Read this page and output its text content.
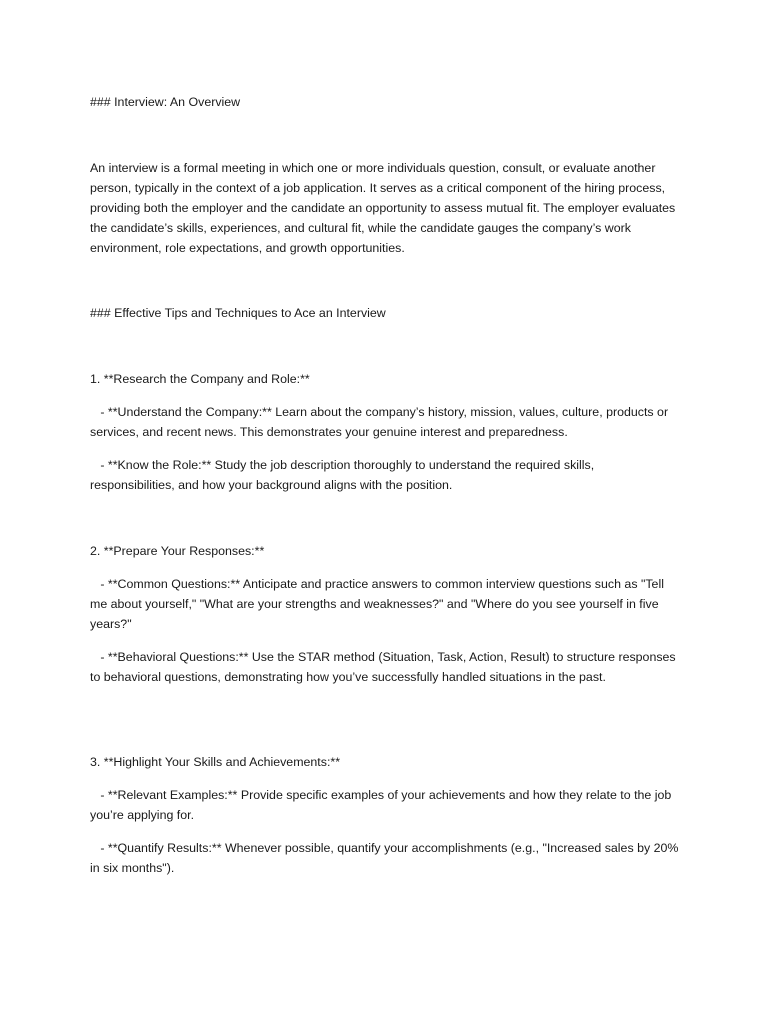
### Interview: An Overview
An interview is a formal meeting in which one or more individuals question, consult, or evaluate another person, typically in the context of a job application. It serves as a critical component of the hiring process, providing both the employer and the candidate an opportunity to assess mutual fit. The employer evaluates the candidate’s skills, experiences, and cultural fit, while the candidate gauges the company’s work environment, role expectations, and growth opportunities.
### Effective Tips and Techniques to Ace an Interview
1. **Research the Company and Role:**
- **Understand the Company:** Learn about the company’s history, mission, values, culture, products or services, and recent news. This demonstrates your genuine interest and preparedness.
- **Know the Role:** Study the job description thoroughly to understand the required skills, responsibilities, and how your background aligns with the position.
2. **Prepare Your Responses:**
- **Common Questions:** Anticipate and practice answers to common interview questions such as "Tell me about yourself," "What are your strengths and weaknesses?" and "Where do you see yourself in five years?"
- **Behavioral Questions:** Use the STAR method (Situation, Task, Action, Result) to structure responses to behavioral questions, demonstrating how you’ve successfully handled situations in the past.
3. **Highlight Your Skills and Achievements:**
- **Relevant Examples:** Provide specific examples of your achievements and how they relate to the job you’re applying for.
- **Quantify Results:** Whenever possible, quantify your accomplishments (e.g., "Increased sales by 20% in six months").
